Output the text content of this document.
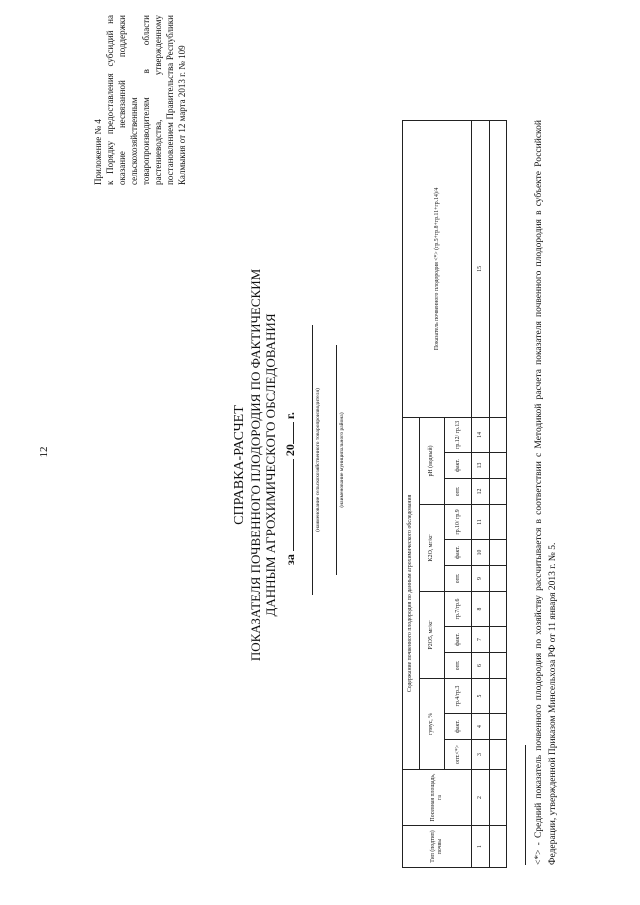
12

Приложение № 4 к Порядку предоставления субсидий на оказание несвязанной поддержки сельскохозяйственным товаропроизводителям в области растениеводства, утвержденному постановлением Правительства Республики Калмыкия от 12 марта 2013 г. № 109

СПРАВКА-РАСЧЕТ ПОКАЗАТЕЛЯ ПОЧВЕННОГО ПЛОДОРОДИЯ ПО ФАКТИЧЕСКИМ ДАННЫМ АГРОХИМИЧЕСКОГО ОБСЛЕДОВАНИЯ за  20 г.	(наименование сельскохозяйственного товаропроизводителя)	(наименование муниципального района)
Тип (подтип) почвы	Посевная площадь, га	Содержание почвенного плодородия по данным агрохимического обследования												Показатель почвенного плодородия <*> (гр.5+гр.8+гр.11+гр.14)/4
		гумус, %			P2O5, мг/кг			K2O, мг/кг			pH (водный)			
		опт.<*>	факт.	гр.4/гр.3	опт.	факт.	гр.7/гр.6	опт.	факт.	гр.10/ гр.9	опт.	факт.	гр.12/ гр.13	
1	2	3	4	5	6	7	8	9	10	11	12	13	14	15
															<*> - Средний показатель почвенного плодородия по хозяйству рассчитывается в соответствии с Методикой расчета показателя почвенного плодородия в субъекте Российской Федерации, утвержденной Приказом Минсельхоза РФ от 11 января 2013 г. № 5.
